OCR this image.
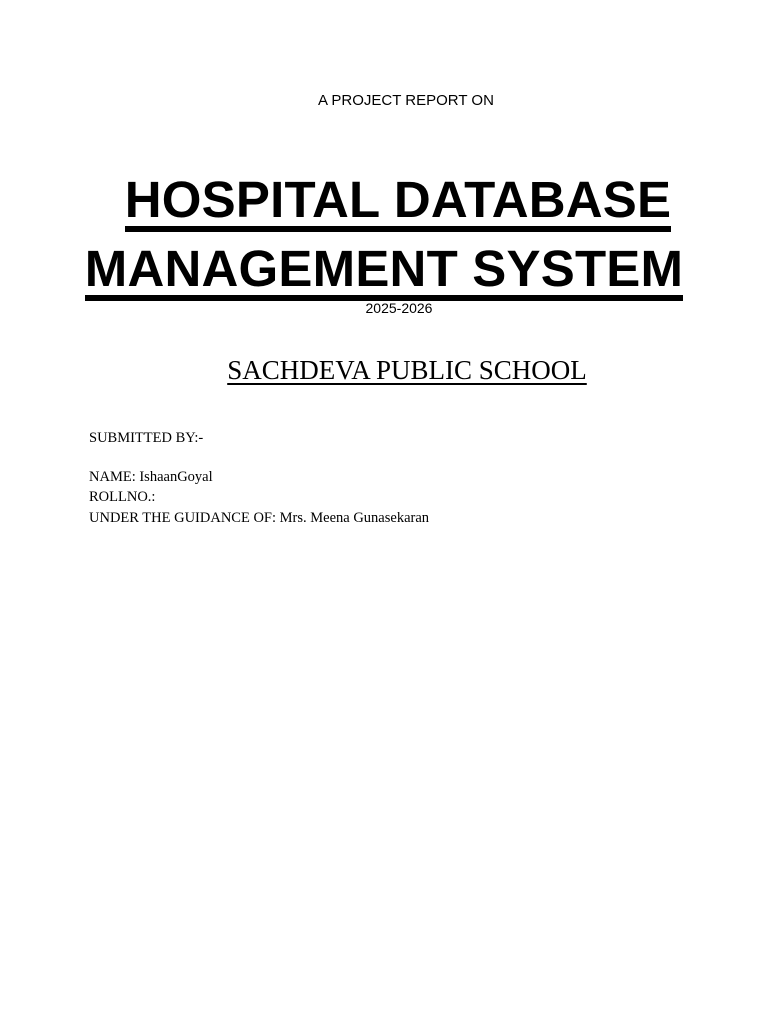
A PROJECT REPORT ON
HOSPITAL DATABASE
MANAGEMENT SYSTEM
2025-2026
SACHDEVA PUBLIC SCHOOL
SUBMITTED BY:-
NAME: IshaanGoyal
ROLLNO.:
UNDER THE GUIDANCE OF: Mrs. Meena Gunasekaran
